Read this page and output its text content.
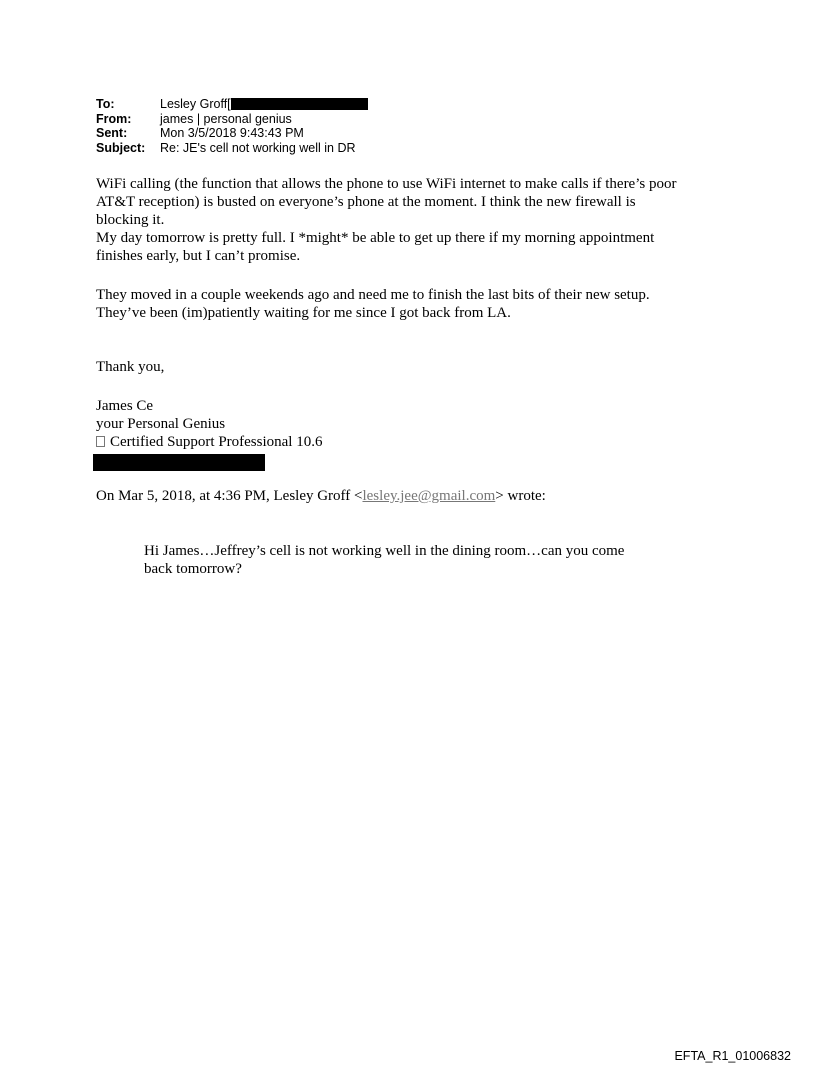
To:	Lesley Groff[
From:	james | personal genius
Sent:	Mon 3/5/2018 9:43:43 PM
Subject:	Re: JE's cell not working well in DR
WiFi calling (the function that allows the phone to use WiFi internet to make calls if there’s poor
AT&T reception) is busted on everyone’s phone at the moment. I think the new firewall is
blocking it.
My day tomorrow is pretty full. I *might* be able to get up there if my morning appointment
finishes early, but I can’t promise.
They moved in a couple weekends ago and need me to finish the last bits of their new setup.
They’ve been (im)patiently waiting for me since I got back from LA.
Thank you,
James Ce
your Personal Genius
Certified Support Professional 10.6
On Mar 5, 2018, at 4:36 PM, Lesley Groff <lesley.jee@gmail.com> wrote:
Hi James…Jeffrey’s cell is not working well in the dining room…can you come
back tomorrow?
EFTA_R1_01006832
